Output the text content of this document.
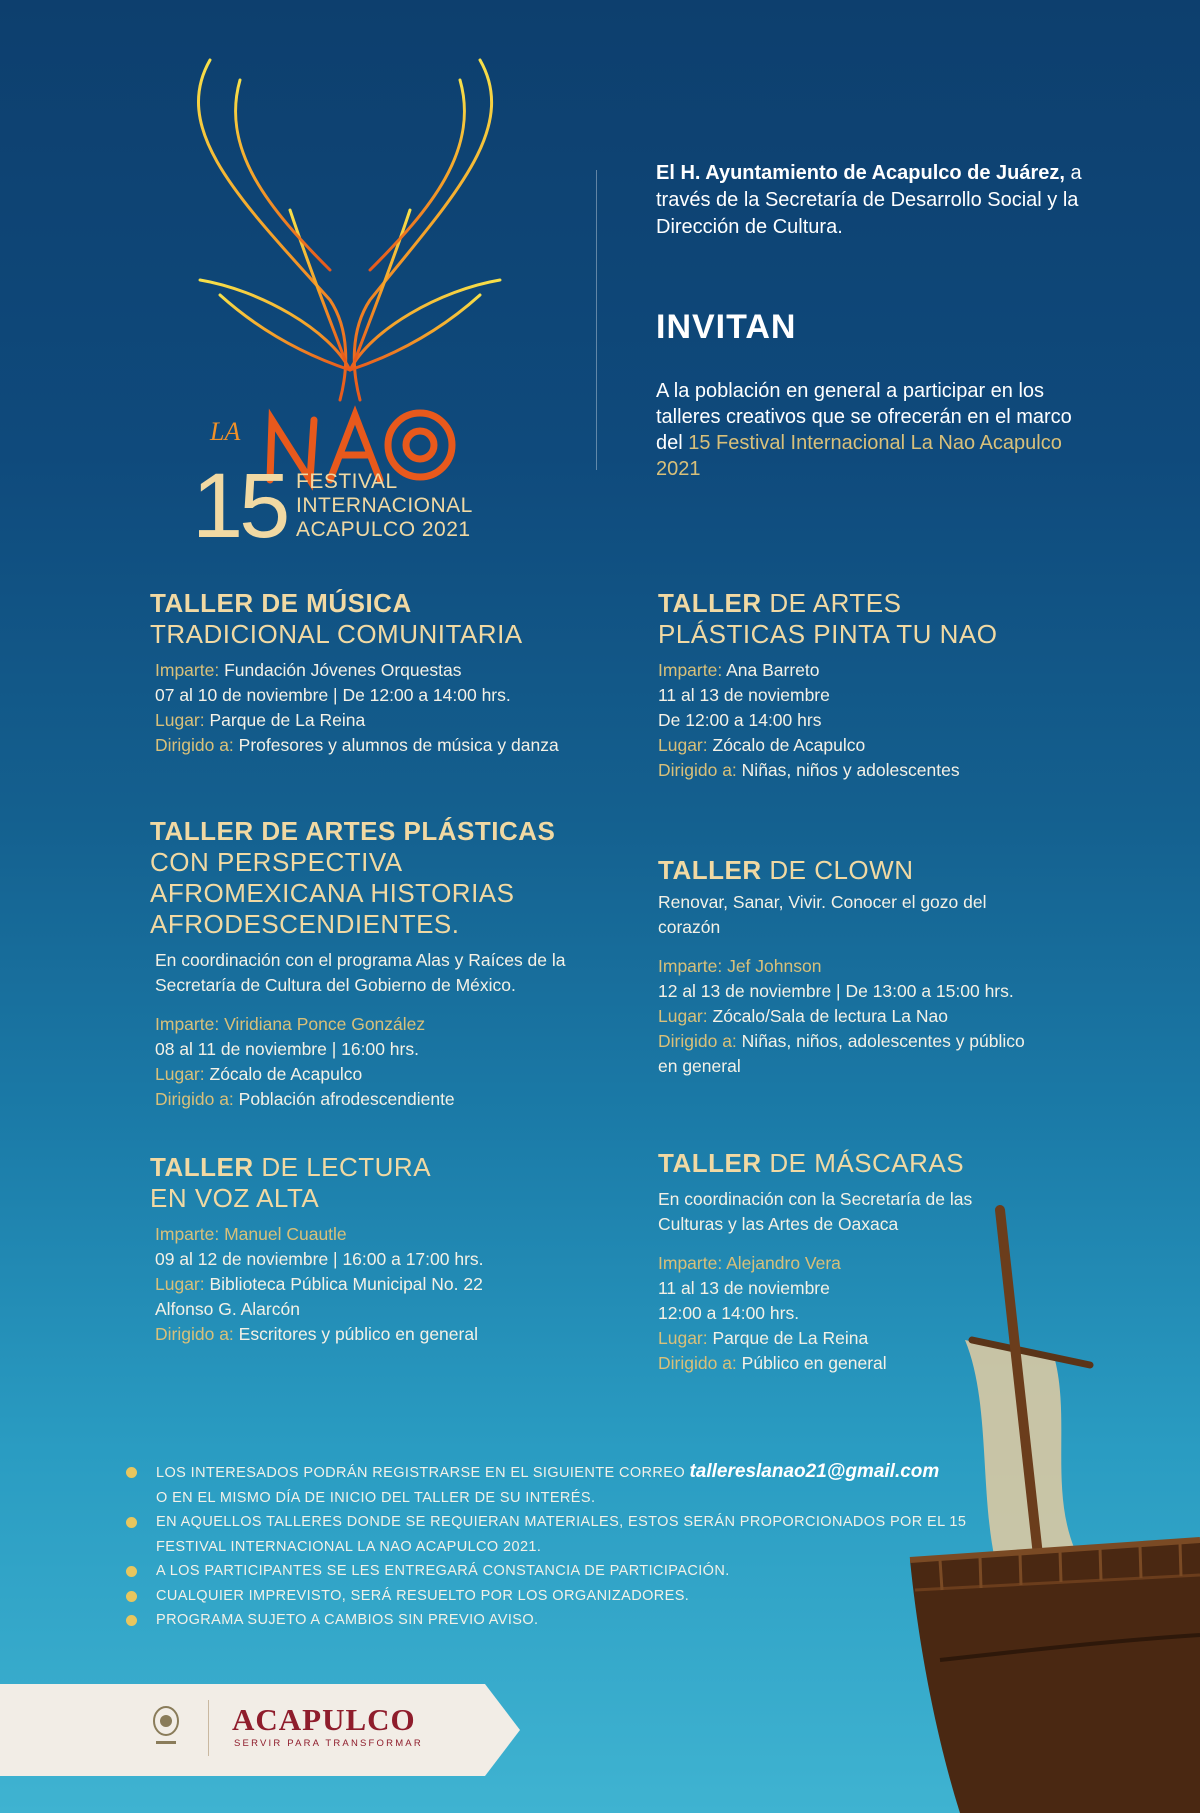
LA
15 FESTIVAL
INTERNACIONAL
ACAPULCO 2021
El H. Ayuntamiento de Acapulco de Juárez, a través de la Secretaría de Desarrollo Social y la Dirección de Cultura.
INVITAN
A la población en general a participar en los talleres creativos que se ofrecerán en el marco del 15 Festival Internacional La Nao Acapulco 2021
TALLER DE MÚSICA
TRADICIONAL COMUNITARIA
Imparte: Fundación Jóvenes Orquestas
07 al 10 de noviembre | De 12:00 a 14:00 hrs.
Lugar: Parque de La Reina
Dirigido a: Profesores y alumnos de música y danza
TALLER DE ARTES PLÁSTICAS PINTA TU NAO
Imparte: Ana Barreto
11 al 13 de noviembre
De 12:00 a 14:00 hrs
Lugar: Zócalo de Acapulco
Dirigido a: Niñas, niños y adolescentes
TALLER DE ARTES PLÁSTICAS
CON PERSPECTIVA AFROMEXICANA HISTORIAS AFRODESCENDIENTES.
En coordinación con el programa Alas y Raíces de la Secretaría de Cultura del Gobierno de México.
Imparte: Viridiana Ponce González
08 al 11 de noviembre | 16:00 hrs.
Lugar: Zócalo de Acapulco
Dirigido a: Población afrodescendiente
TALLER DE CLOWN
Renovar, Sanar, Vivir. Conocer el gozo del corazón
Imparte: Jef Johnson
12 al 13 de noviembre | De 13:00 a 15:00 hrs.
Lugar: Zócalo/Sala de lectura La Nao
Dirigido a: Niñas, niños, adolescentes y público en general
TALLER DE LECTURA EN VOZ ALTA
Imparte: Manuel Cuautle
09 al 12 de noviembre | 16:00 a 17:00 hrs.
Lugar: Biblioteca Pública Municipal No. 22 Alfonso G. Alarcón
Dirigido a: Escritores y público en general
TALLER DE MÁSCARAS
En coordinación con la Secretaría de las Culturas y las Artes de Oaxaca
Imparte: Alejandro Vera
11 al 13 de noviembre
12:00 a 14:00 hrs.
Lugar: Parque de La Reina
Dirigido a: Público en general
LOS INTERESADOS PODRÁN REGISTRARSE EN EL SIGUIENTE CORREO tallereslanao21@gmail.com
O EN EL MISMO DÍA DE INICIO DEL TALLER DE SU INTERÉS.
EN AQUELLOS TALLERES DONDE SE REQUIERAN MATERIALES, ESTOS SERÁN PROPORCIONADOS POR EL 15 FESTIVAL INTERNACIONAL LA NAO ACAPULCO 2021.
A LOS PARTICIPANTES SE LES ENTREGARÁ CONSTANCIA DE PARTICIPACIÓN.
CUALQUIER IMPREVISTO, SERÁ RESUELTO POR LOS ORGANIZADORES.
PROGRAMA SUJETO A CAMBIOS SIN PREVIO AVISO.
ACAPULCO
SERVIR PARA TRANSFORMAR
